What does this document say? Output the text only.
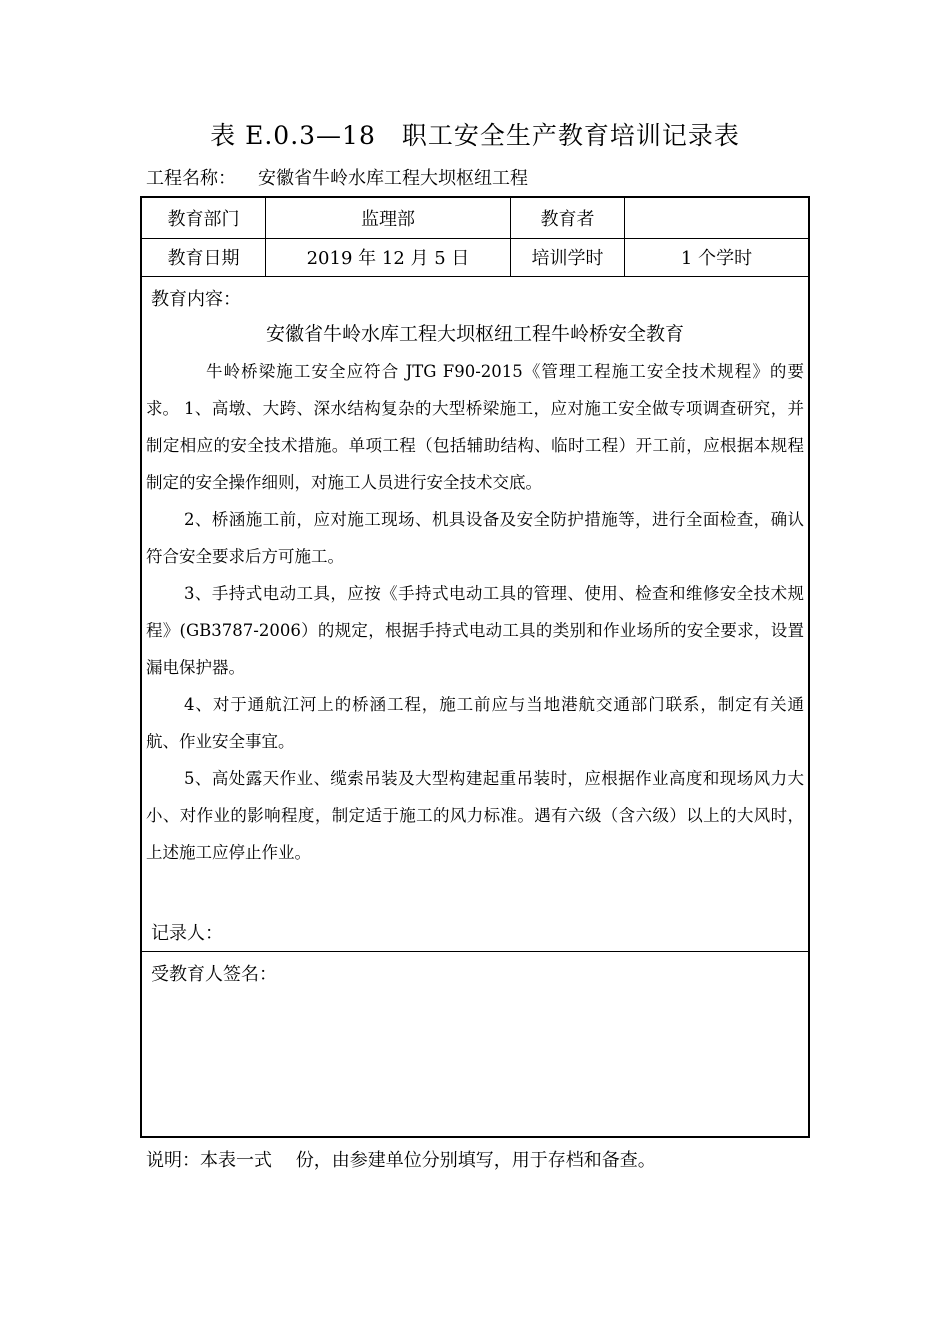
表 E.0.3—18　职工安全生产教育培训记录表
工程名称： 安徽省牛岭水库工程大坝枢纽工程
教育部门	监理部	教育者
教育日期	2019 年 12 月 5 日	培训学时	1 个学时
教育内容：
安徽省牛岭水库工程大坝枢纽工程牛岭桥安全教育
牛岭桥梁施工安全应符合 JTG F90-2015《管理工程施工安全技术规程》的要求。 1、高墩、大跨、深水结构复杂的大型桥梁施工，应对施工安全做专项调查研究，并制定相应的安全技术措施。单项工程（包括辅助结构、临时工程）开工前，应根据本规程制定的安全操作细则，对施工人员进行安全技术交底。
2、桥涵施工前，应对施工现场、机具设备及安全防护措施等，进行全面检查，确认符合安全要求后方可施工。
3、手持式电动工具，应按《手持式电动工具的管理、使用、检查和维修安全技术规程》(GB3787-2006）的规定，根据手持式电动工具的类别和作业场所的安全要求，设置漏电保护器。
4、对于通航江河上的桥涵工程，施工前应与当地港航交通部门联系，制定有关通航、作业安全事宜。
5、高处露天作业、缆索吊装及大型构建起重吊装时，应根据作业高度和现场风力大小、对作业的影响程度，制定适于施工的风力标准。遇有六级（含六级）以上的大风时，上述施工应停止作业。
记录人：
受教育人签名：
说明：本表一式　 份，由参建单位分别填写，用于存档和备查。
